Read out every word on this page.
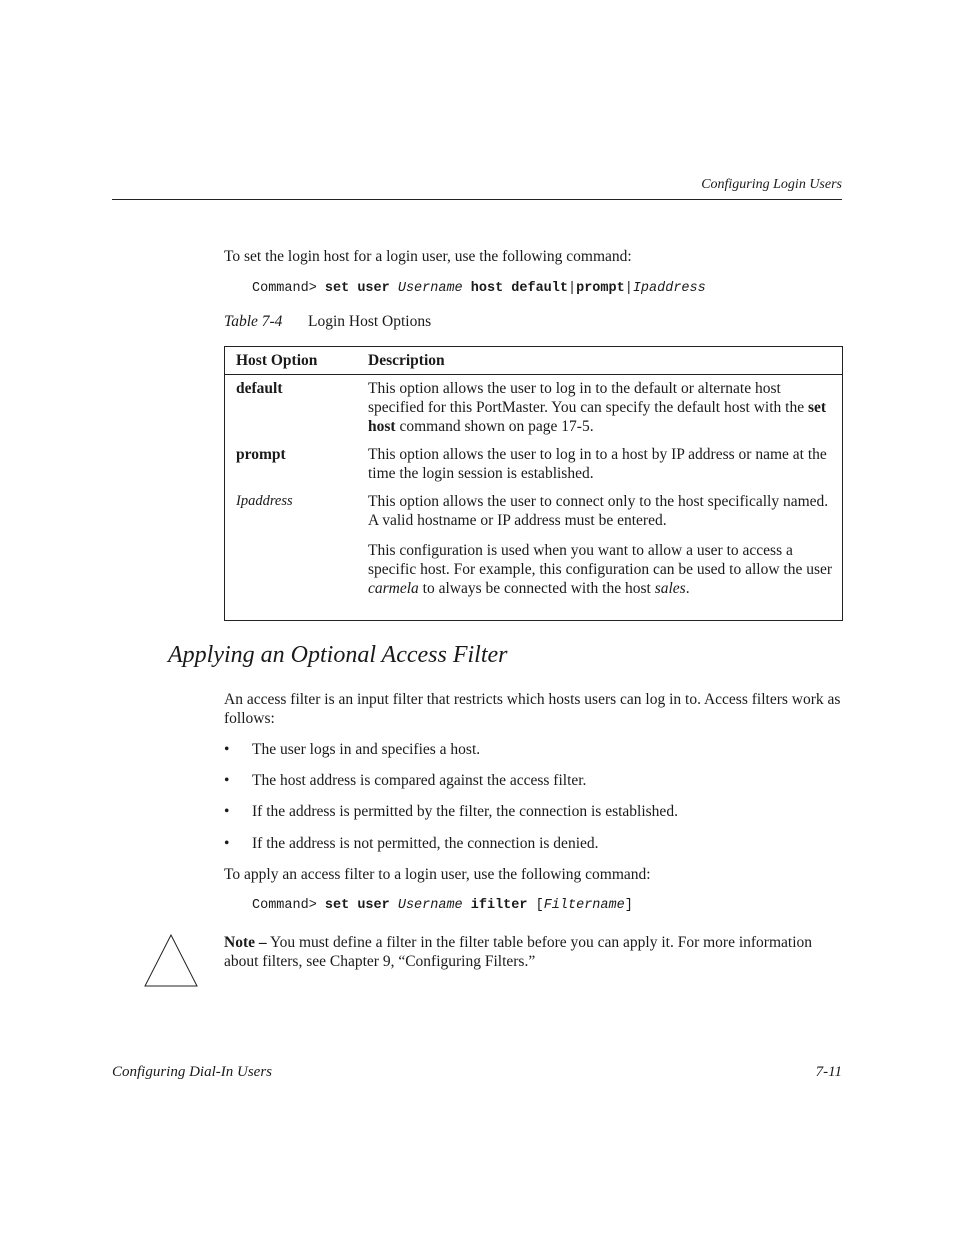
Configuring Login Users
To set the login host for a login user, use the following command:
Command> set user Username host default|prompt|Ipaddress
Table 7-4 Login Host Options
Host Option	Description
default	This option allows the user to log in to the default or alternate host specified for this PortMaster. You can specify the default host with the set host command shown on page 17-5.
prompt	This option allows the user to log in to a host by IP address or name at the time the login session is established.
Ipaddress	This option allows the user to connect only to the host specifically named. A valid hostname or IP address must be entered.
This configuration is used when you want to allow a user to access a specific host. For example, this configuration can be used to allow the user carmela to always be connected with the host sales.
Applying an Optional Access Filter
An access filter is an input filter that restricts which hosts users can log in to. Access filters work as follows:
• The user logs in and specifies a host.
• The host address is compared against the access filter.
• If the address is permitted by the filter, the connection is established.
• If the address is not permitted, the connection is denied.
To apply an access filter to a login user, use the following command:
Command> set user Username ifilter [Filtername]
Note – You must define a filter in the filter table before you can apply it. For more information about filters, see Chapter 9, “Configuring Filters.”
Configuring Dial-In Users	7-11
